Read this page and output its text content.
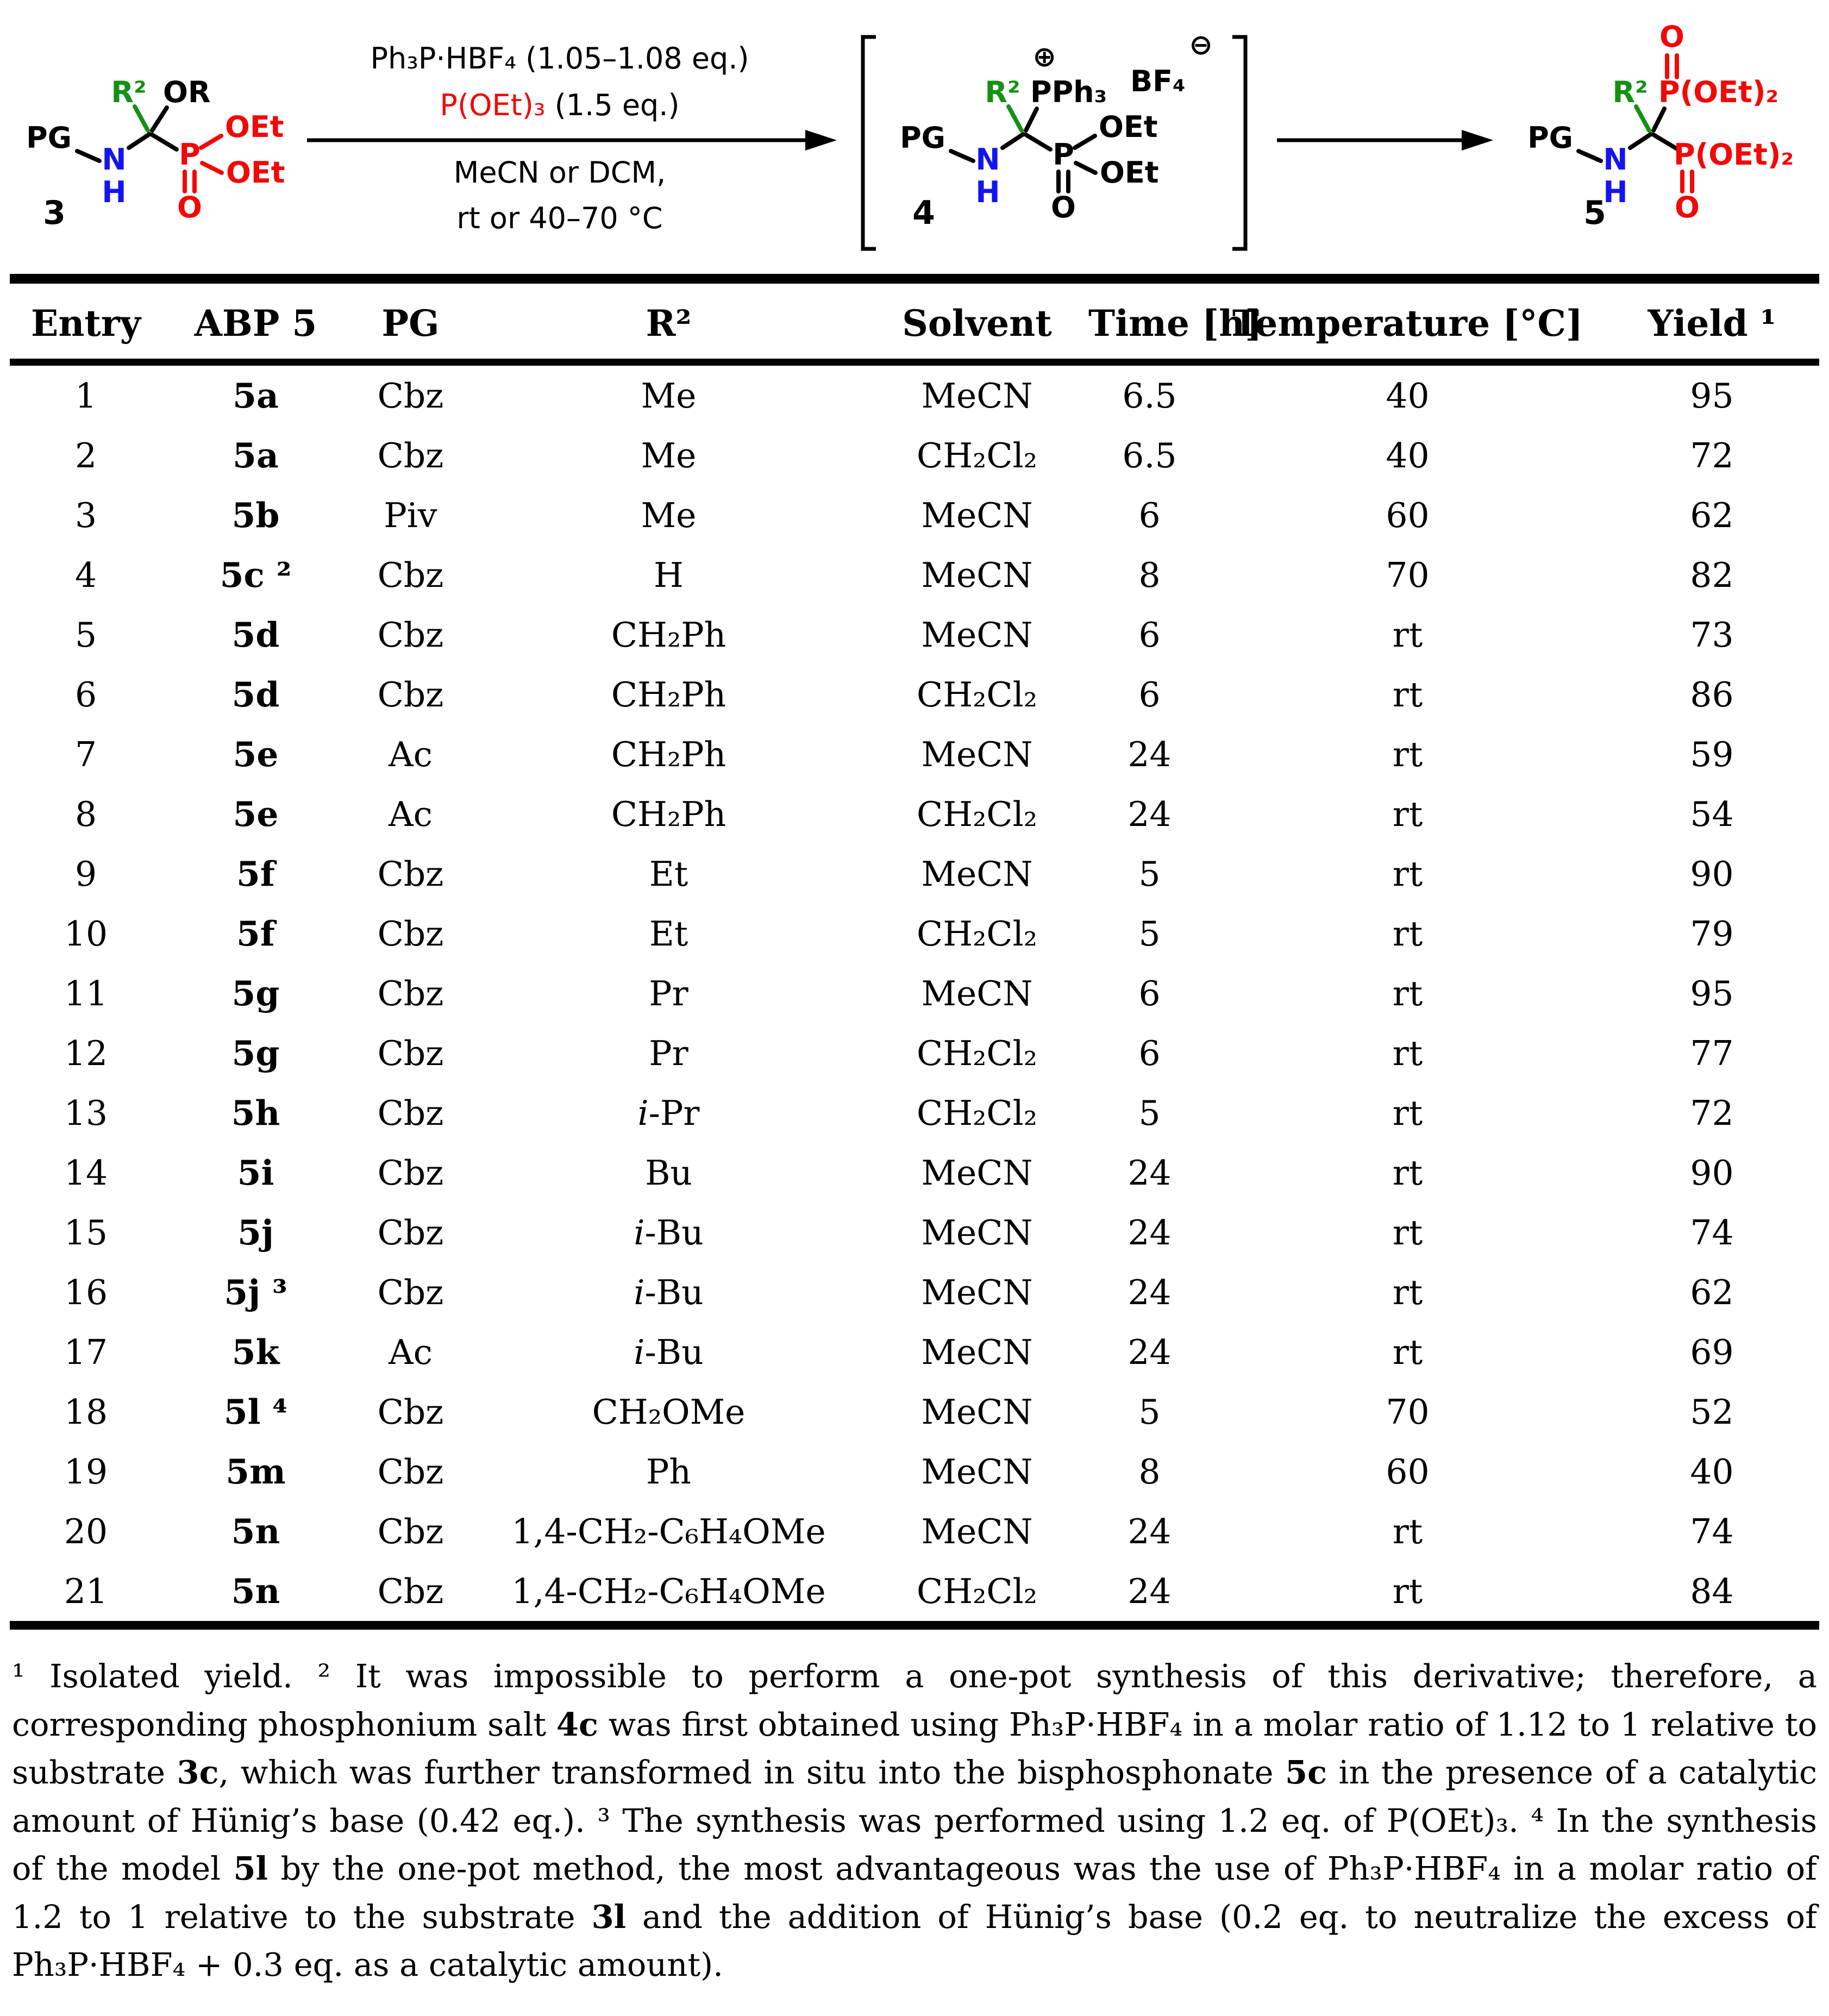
PG
N
H
R² OR
P
OEt
OEt
O
3
Ph₃P·HBF₄ (1.05–1.08 eq.)
P(OEt)₃ (1.5 eq.)
MeCN or DCM,
rt or 40–70 °C
PG
N
H
R² PPh₃
⊕
BF₄
⊖
P
OEt
OEt
O
4
PG
N
H
R² P(OEt)₂
O
P(OEt)₂
O
5
Entry	ABP 5	PG	R²	Solvent	Time [h]	Temperature [°C]	Yield ¹
1	5a	Cbz	Me	MeCN	6.5	40	95
2	5a	Cbz	Me	CH₂Cl₂	6.5	40	72
3	5b	Piv	Me	MeCN	6	60	62
4	5c ²	Cbz	H	MeCN	8	70	82
5	5d	Cbz	CH₂Ph	MeCN	6	rt	73
6	5d	Cbz	CH₂Ph	CH₂Cl₂	6	rt	86
7	5e	Ac	CH₂Ph	MeCN	24	rt	59
8	5e	Ac	CH₂Ph	CH₂Cl₂	24	rt	54
9	5f	Cbz	Et	MeCN	5	rt	90
10	5f	Cbz	Et	CH₂Cl₂	5	rt	79
11	5g	Cbz	Pr	MeCN	6	rt	95
12	5g	Cbz	Pr	CH₂Cl₂	6	rt	77
13	5h	Cbz	i-Pr	CH₂Cl₂	5	rt	72
14	5i	Cbz	Bu	MeCN	24	rt	90
15	5j	Cbz	i-Bu	MeCN	24	rt	74
16	5j ³	Cbz	i-Bu	MeCN	24	rt	62
17	5k	Ac	i-Bu	MeCN	24	rt	69
18	5l ⁴	Cbz	CH₂OMe	MeCN	5	70	52
19	5m	Cbz	Ph	MeCN	8	60	40
20	5n	Cbz	1,4-CH₂-C₆H₄OMe	MeCN	24	rt	74
21	5n	Cbz	1,4-CH₂-C₆H₄OMe	CH₂Cl₂	24	rt	84
¹ Isolated yield. ² It was impossible to perform a one-pot synthesis of this derivative; therefore, a corresponding phosphonium salt 4c was first obtained using Ph₃P·HBF₄ in a molar ratio of 1.12 to 1 relative to substrate 3c, which was further transformed in situ into the bisphosphonate 5c in the presence of a catalytic amount of Hünig’s base (0.42 eq.). ³ The synthesis was performed using 1.2 eq. of P(OEt)₃. ⁴ In the synthesis of the model 5l by the one-pot method, the most advantageous was the use of Ph₃P·HBF₄ in a molar ratio of 1.2 to 1 relative to the substrate 3l and the addition of Hünig’s base (0.2 eq. to neutralize the excess of Ph₃P·HBF₄ + 0.3 eq. as a catalytic amount).
